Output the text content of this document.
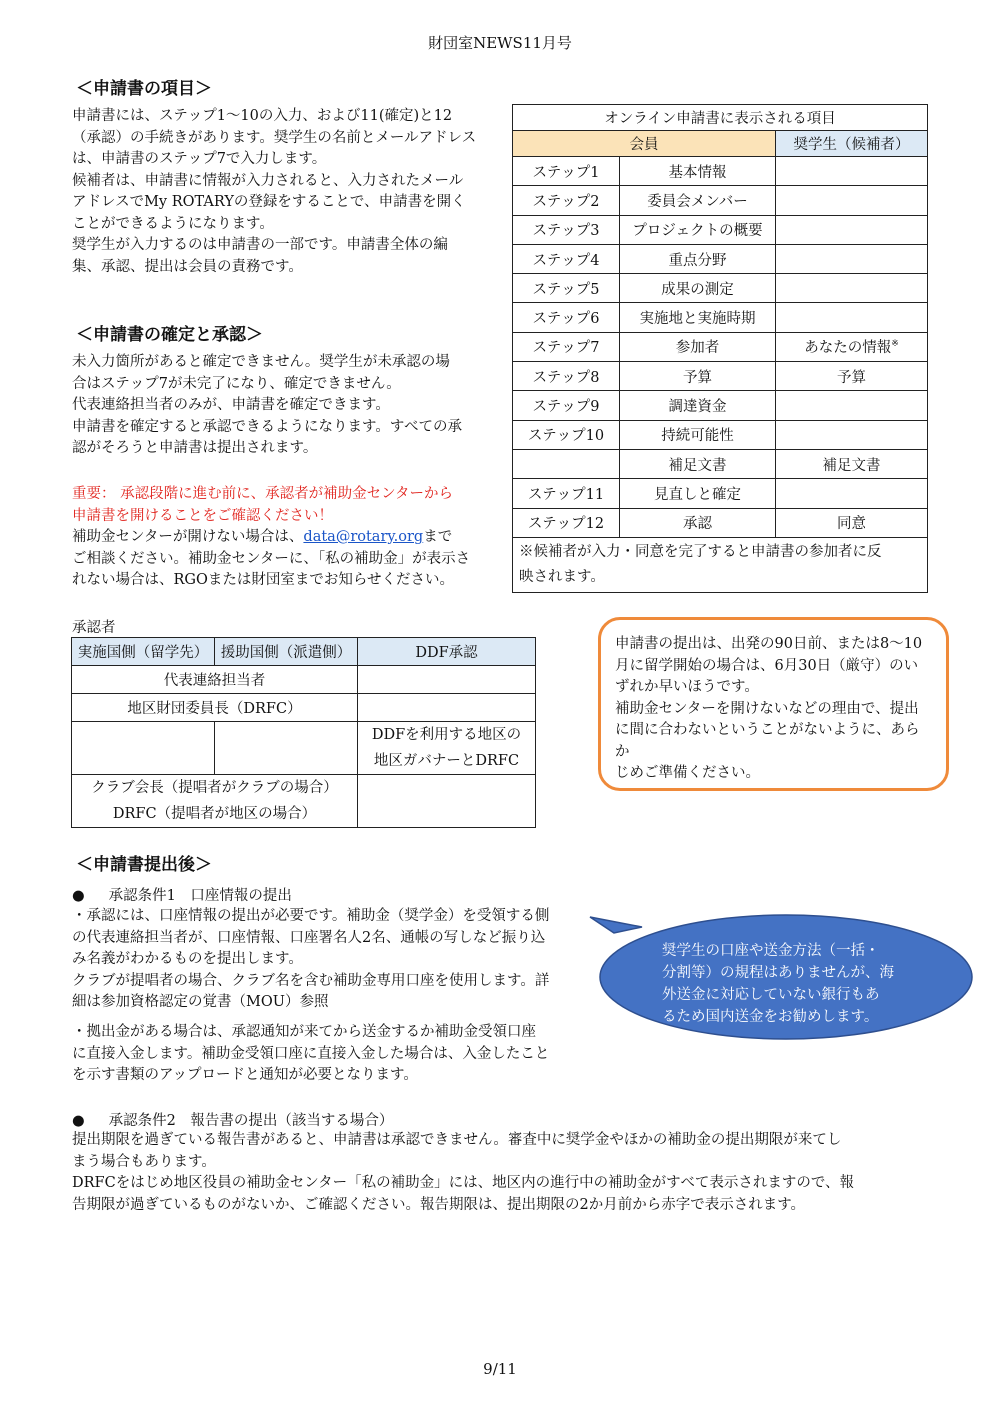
財団室NEWS11月号
＜申請書の項目＞

申請書には、ステップ1～10の入力、および11(確定)と12

（承認）の手続きがあります。奨学生の名前とメールアドレス

は、申請書のステップ7で入力します。

候補者は、申請書に情報が入力されると、入力されたメール

アドレスでMy ROTARYの登録をすることで、申請書を開く

ことができるようになります。

奨学生が入力するのは申請書の一部です。申請書全体の編

集、承認、提出は会員の責務です。

＜申請書の確定と承認＞

未入力箇所があると確定できません。奨学生が未承認の場

合はステップ7が未完了になり、確定できません。

代表連絡担当者のみが、申請書を確定できます。

申請書を確定すると承認できるようになります。すべての承

認がそろうと申請書は提出されます。

重要： 承認段階に進む前に、承認者が補助金センターから

申請書を開けることをご確認ください！

補助金センターが開けない場合は、data@rotary.orgまで

ご相談ください。補助金センターに、「私の補助金」が表示さ

れない場合は、RGOまたは財団室までお知らせください。

オンライン申請書に表示される項目		
会員		奨学生（候補者）
ステップ1	基本情報	
ステップ2	委員会メンバー	
ステップ3	プロジェクトの概要	
ステップ4	重点分野	
ステップ5	成果の測定	
ステップ6	実施地と実施時期	
ステップ7	参加者	あなたの情報※
ステップ8	予算	予算
ステップ9	調達資金	
ステップ10	持続可能性	
	補足文書	補足文書
ステップ11	見直しと確定	
ステップ12	承認	同意

※候補者が入力・同意を完了すると申請書の参加者に反
映されます。		
承認者
実施国側（留学先）	援助国側（派遣側）	DDF承認
代表連絡担当者		
地区財団委員長（DRFC）		

		DDFを利用する地区の
地区ガバナーとDRFC

クラブ会長（提唱者がクラブの場合）
DRFC（提唱者が地区の場合）		

申請書の提出は、出発の90日前、または8～10
月に留学開始の場合は、6月30日（厳守）のい
ずれか早いほうです。
補助金センターを開けないなどの理由で、提出
に間に合わないということがないように、あらか
じめご準備ください。
奨学生の口座や送金方法（一括・
分割等）の規程はありませんが、海
外送金に対応していない銀行もあ
るため国内送金をお勧めします。
＜申請書提出後＞
● 承認条件1　口座情報の提出

・承認には、口座情報の提出が必要です。補助金（奨学金）を受領する側

の代表連絡担当者が、口座情報、口座署名人2名、通帳の写しなど振り込

み名義がわかるものを提出します。

クラブが提唱者の場合、クラブ名を含む補助金専用口座を使用します。詳

細は参加資格認定の覚書（MOU）参照

・拠出金がある場合は、承認通知が来てから送金するか補助金受領口座

に直接入金します。補助金受領口座に直接入金した場合は、入金したこと

を示す書類のアップロードと通知が必要となります。

● 承認条件2　報告書の提出（該当する場合）

提出期限を過ぎている報告書があると、申請書は承認できません。審査中に奨学金やほかの補助金の提出期限が来てし

まう場合もあります。

DRFCをはじめ地区役員の補助金センター「私の補助金」には、地区内の進行中の補助金がすべて表示されますので、報

告期限が過ぎているものがないか、ご確認ください。報告期限は、提出期限の2か月前から赤字で表示されます。

9/11
